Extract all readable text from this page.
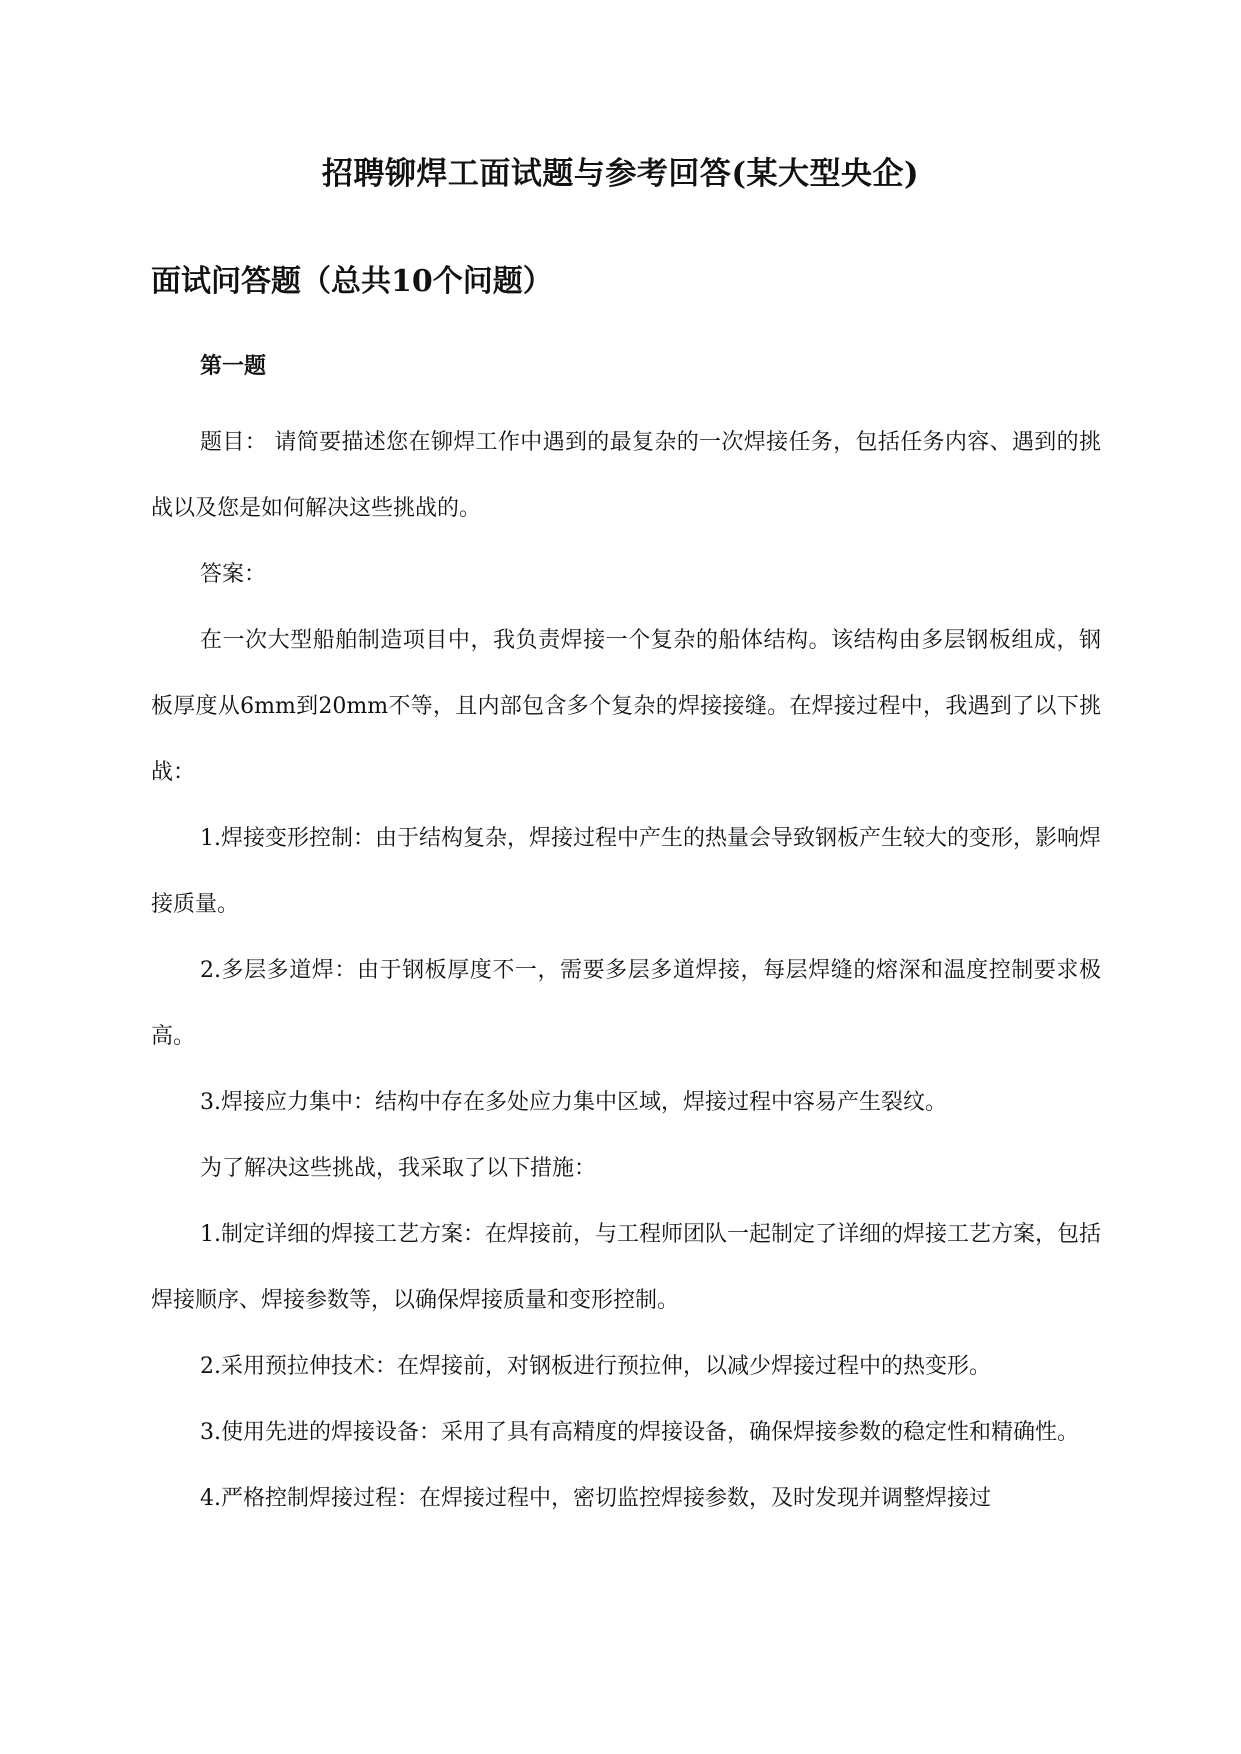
招聘铆焊工面试题与参考回答(某大型央企)
面试问答题（总共10个问题）
第一题

题目： 请简要描述您在铆焊工作中遇到的最复杂的一次焊接任务，包括任务内容、遇到的挑战以及您是如何解决这些挑战的。

答案：

在一次大型船舶制造项目中，我负责焊接一个复杂的船体结构。该结构由多层钢板组成，钢板厚度从6mm到20mm不等，且内部包含多个复杂的焊接接缝。在焊接过程中，我遇到了以下挑战：

1.焊接变形控制：由于结构复杂，焊接过程中产生的热量会导致钢板产生较大的变形，影响焊接质量。

2.多层多道焊：由于钢板厚度不一，需要多层多道焊接，每层焊缝的熔深和温度控制要求极高。

3.焊接应力集中：结构中存在多处应力集中区域，焊接过程中容易产生裂纹。

为了解决这些挑战，我采取了以下措施：

1.制定详细的焊接工艺方案：在焊接前，与工程师团队一起制定了详细的焊接工艺方案，包括焊接顺序、焊接参数等，以确保焊接质量和变形控制。

2.采用预拉伸技术：在焊接前，对钢板进行预拉伸，以减少焊接过程中的热变形。

3.使用先进的焊接设备：采用了具有高精度的焊接设备，确保焊接参数的稳定性和精确性。

4.严格控制焊接过程：在焊接过程中，密切监控焊接参数，及时发现并调整焊接过
